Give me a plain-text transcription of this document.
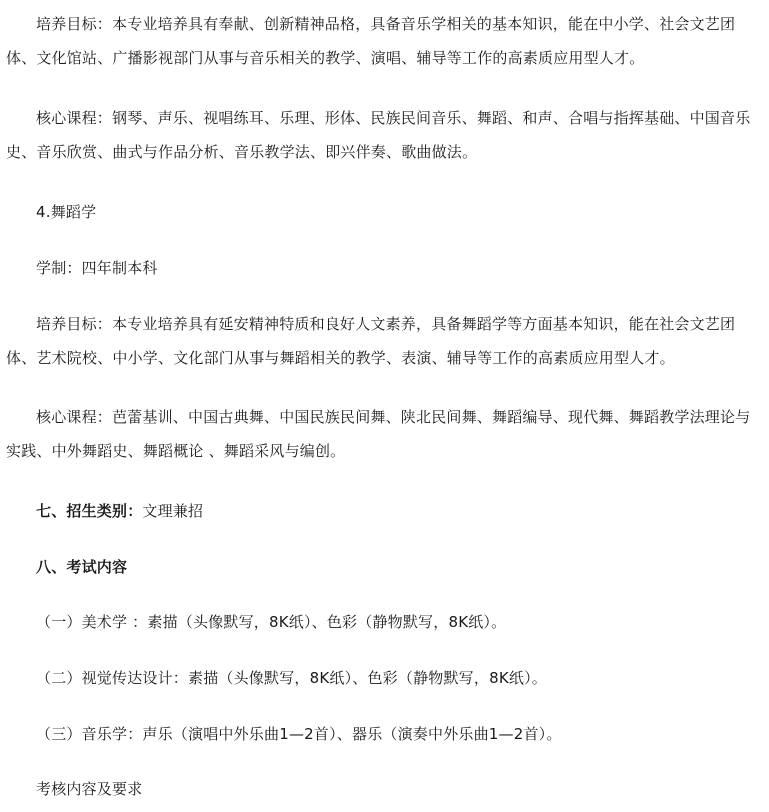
培养目标：本专业培养具有奉献、创新精神品格，具备音乐学相关的基本知识，能在中小学、社会文艺团体、文化馆站、广播影视部门从事与音乐相关的教学、演唱、辅导等工作的高素质应用型人才。

核心课程：钢琴、声乐、视唱练耳、乐理、形体、民族民间音乐、舞蹈、和声、合唱与指挥基础、中国音乐史、音乐欣赏、曲式与作品分析、音乐教学法、即兴伴奏、歌曲做法。

4.舞蹈学

学制：四年制本科

培养目标：本专业培养具有延安精神特质和良好人文素养，具备舞蹈学等方面基本知识，能在社会文艺团体、艺术院校、中小学、文化部门从事与舞蹈相关的教学、表演、辅导等工作的高素质应用型人才。

核心课程：芭蕾基训、中国古典舞、中国民族民间舞、陕北民间舞、舞蹈编导、现代舞、舞蹈教学法理论与实践、中外舞蹈史、舞蹈概论 、舞蹈采风与编创。

七、招生类别：文理兼招

八、考试内容

（一）美术学 ：素描（头像默写，8K纸）、色彩（静物默写，8K纸）。

（二）视觉传达设计：素描（头像默写，8K纸）、色彩（静物默写，8K纸）。

（三）音乐学：声乐（演唱中外乐曲1—2首）、器乐（演奏中外乐曲1—2首）。

考核内容及要求
